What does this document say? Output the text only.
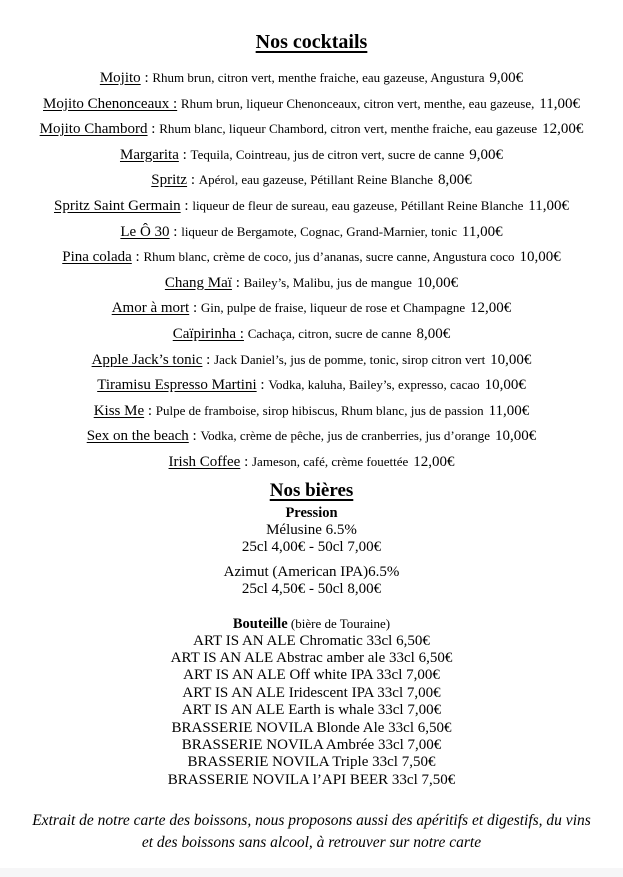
Nos cocktails
Mojito : Rhum brun, citron vert, menthe fraiche, eau gazeuse, Angustura 9,00€
Mojito Chenonceaux : Rhum brun, liqueur Chenonceaux, citron vert, menthe, eau gazeuse, 11,00€
Mojito Chambord : Rhum blanc, liqueur Chambord, citron vert, menthe fraiche, eau gazeuse 12,00€
Margarita : Tequila, Cointreau, jus de citron vert, sucre de canne 9,00€
Spritz : Apérol, eau gazeuse, Pétillant Reine Blanche 8,00€
Spritz Saint Germain : liqueur de fleur de sureau, eau gazeuse, Pétillant Reine Blanche 11,00€
Le Ô 30 : liqueur de Bergamote, Cognac, Grand-Marnier, tonic 11,00€
Pina colada : Rhum blanc, crème de coco, jus d’ananas, sucre canne, Angustura coco 10,00€
Chang Maï : Bailey’s, Malibu, jus de mangue 10,00€
Amor à mort : Gin, pulpe de fraise, liqueur de rose et Champagne 12,00€
Caïpirinha : Cachaça, citron, sucre de canne 8,00€
Apple Jack’s tonic : Jack Daniel’s, jus de pomme, tonic, sirop citron vert 10,00€
Tiramisu Espresso Martini : Vodka, kaluha, Bailey’s, expresso, cacao 10,00€
Kiss Me : Pulpe de framboise, sirop hibiscus, Rhum blanc, jus de passion 11,00€
Sex on the beach : Vodka, crème de pêche, jus de cranberries, jus d’orange 10,00€
Irish Coffee : Jameson, café, crème fouettée 12,00€
Nos bières
Pression
Mélusine 6.5%
25cl 4,00€ - 50cl 7,00€
Azimut (American IPA)6.5%
25cl 4,50€ - 50cl 8,00€
Bouteille (bière de Touraine)
ART IS AN ALE Chromatic 33cl 6,50€
ART IS AN ALE Abstrac amber ale 33cl 6,50€
ART IS AN ALE Off white IPA 33cl 7,00€
ART IS AN ALE Iridescent IPA 33cl 7,00€
ART IS AN ALE Earth is whale 33cl 7,00€
BRASSERIE NOVILA Blonde Ale 33cl 6,50€
BRASSERIE NOVILA Ambrée 33cl 7,00€
BRASSERIE NOVILA Triple 33cl 7,50€
BRASSERIE NOVILA l’API BEER 33cl 7,50€

Extrait de notre carte des boissons, nous proposons aussi des apéritifs et digestifs, du vins et des boissons sans alcool, à retrouver sur notre carte
